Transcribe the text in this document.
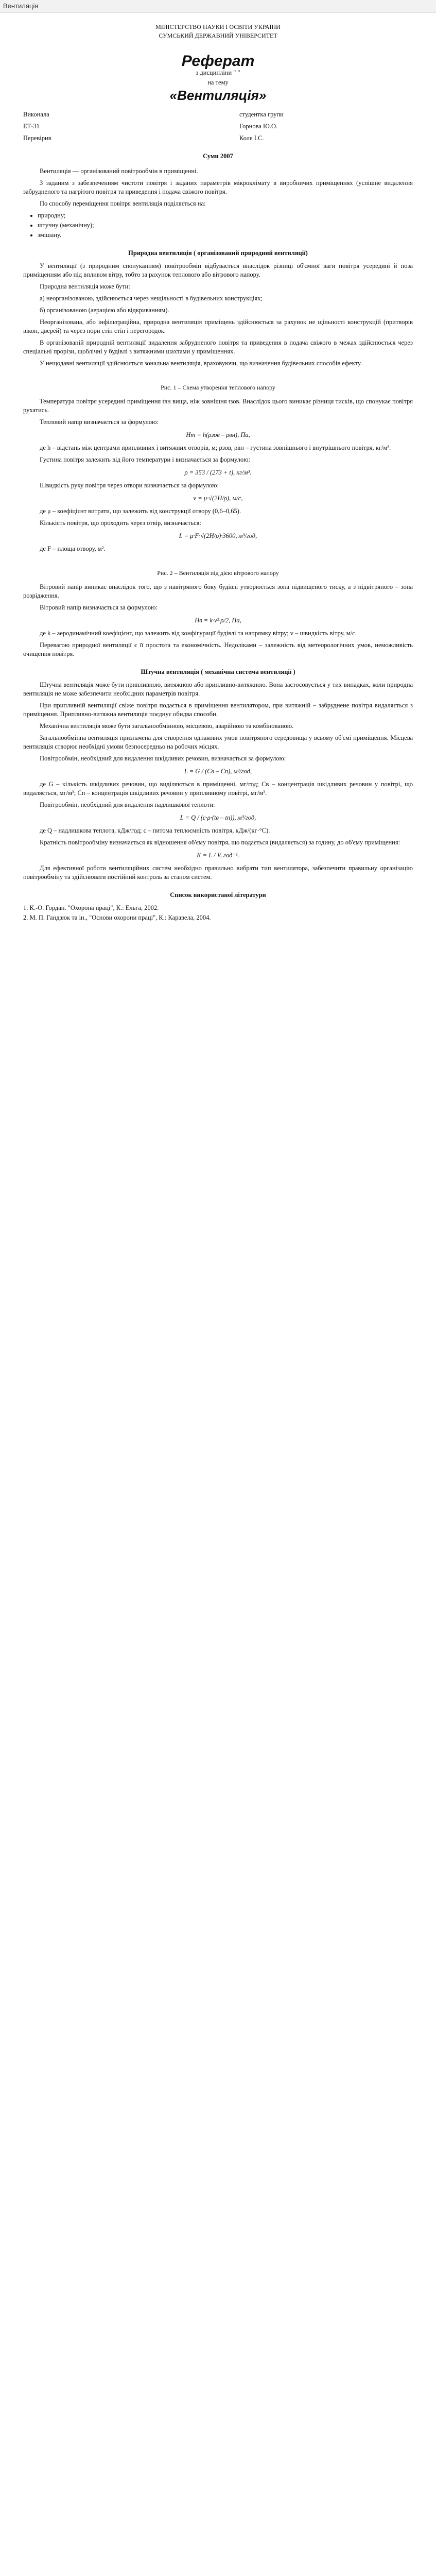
Вентиляція
МІНІСТЕРСТВО НАУКИ І ОСВІТИ УКРАЇНИ
СУМСЬКИЙ ДЕРЖАВНИЙ УНІВЕРСИТЕТ
Реферат
з дисципліни " "
на тему
«Вентиляція»
Виконала	студентка групи
ЕТ-31	Горнова Ю.О.
Перевірив	Коле І.С.
Суми 2007

Вентиляція — організований повітрообмін в приміщенні.

З заданим з забезпеченням чистоти повітря і заданих параметрів мікроклімату в виробничих приміщеннях (успішне видалення забрудненого та нагрітого повітря та приведення і подача свіжого повітря.

По способу переміщення повітря вентиляція поділяється на:

• природну;
• штучну (механічну);
• змішану.
Природна вентиляція ( організований природний вентиляції)

У вентиляції (з природним спонуканням) повітрообмін відбувається внаслідок різниці об'ємної ваги повітря усередині й поза приміщенням або під впливом вітру, тобто за рахунок теплового або вітрового напору.

Природна вентиляція може бути:

а) неорганізованою, здійснюється через нещільності в будівельних конструкціях;

б) організованою (аерацією або відкриванням).

Неорганізована, або інфільтраційна, природна вентиляція приміщень здійснюється за рахунок не щільності конструкцій (притворів вікон, дверей) та через пори стін стін і перегородок.

В організованій природній вентиляції видалення забрудненого повітря та приведення в подача свіжого в межах здійснюється через спеціальні прорізи, щоблічні у будівлі з витяжними шахтами у приміщеннях.

У нещодавні вентиляції здійснюється зональна вентиляція, враховуючи, що визначення будівельних способів ефекту.

Рис. 1 – Схема утворення теплового напору

Температура повітря усередині приміщення tвн вища, ніж зовнішня tзов. Внаслідок цього виникає різниця тисків, що спонукає повітря рухатись.

Тепловий напір визначається за формулою:

Нт = h(ρзов – ρвн), Па,

де h – відстань між центрами припливних і витяжних отворів, м; ρзов, ρвн – густина зовнішнього і внутрішнього повітря, кг/м³.

Густина повітря залежить від його температури і визначається за формулою:

ρ = 353 / (273 + t), кг/м³.

Швидкість руху повітря через отвори визначається за формулою:

v = μ·√(2H/ρ), м/с,

де μ – коефіцієнт витрати, що залежить від конструкції отвору (0,6–0,65).

Кількість повітря, що проходить через отвір, визначається:

L = μ·F·√(2H/ρ)·3600, м³/год,

де F – площа отвору, м².

Рис. 2 – Вентиляція під дією вітрового напору

Вітровий напір виникає внаслідок того, що з навітряного боку будівлі утворюється зона підвищеного тиску, а з підвітряного – зона розрідження.

Вітровий напір визначається за формулою:

Нв = k·v²·ρ/2, Па,

де k – аеродинамічний коефіцієнт, що залежить від конфігурації будівлі та напрямку вітру; v – швидкість вітру, м/с.

Перевагою природної вентиляції є її простота та економічність. Недоліками – залежність від метеорологічних умов, неможливість очищення повітря.

Штучна вентиляція ( механічна система вентиляції )

Штучна вентиляція може бути припливною, витяжною або припливно-витяжною. Вона застосовується у тих випадках, коли природна вентиляція не може забезпечити необхідних параметрів повітря.

При припливній вентиляції свіже повітря подається в приміщення вентилятором, при витяжній – забруднене повітря видаляється з приміщення. Припливно-витяжна вентиляція поєднує обидва способи.

Механічна вентиляція може бути загальнообмінною, місцевою, аварійною та комбінованою.

Загальнообмінна вентиляція призначена для створення однакових умов повітряного середовища у всьому об'ємі приміщення. Місцева вентиляція створює необхідні умови безпосередньо на робочих місцях.

Повітрообмін, необхідний для видалення шкідливих речовин, визначається за формулою:

L = G / (Cв – Cп), м³/год,

де G – кількість шкідливих речовин, що виділяються в приміщенні, мг/год; Cв – концентрація шкідливих речовин у повітрі, що видаляється, мг/м³; Cп – концентрація шкідливих речовин у припливному повітрі, мг/м³.

Повітрообмін, необхідний для видалення надлишкової теплоти:

L = Q / (c·ρ·(tв – tп)), м³/год,

де Q – надлишкова теплота, кДж/год; c – питома теплоємність повітря, кДж/(кг·°C).

Кратність повітрообміну визначається як відношення об'єму повітря, що подається (видаляється) за годину, до об'єму приміщення:

K = L / V, год⁻¹.

Для ефективної роботи вентиляційних систем необхідно правильно вибрати тип вентилятора, забезпечити правильну організацію повітрообміну та здійснювати постійний контроль за станом систем.

Список використаної літератури
1. К.-О. Гордан. "Охорона праці", К.: Ельга, 2002.
2. М. П. Гандзюк та ін., "Основи охорони праці", К.: Каравела, 2004.
